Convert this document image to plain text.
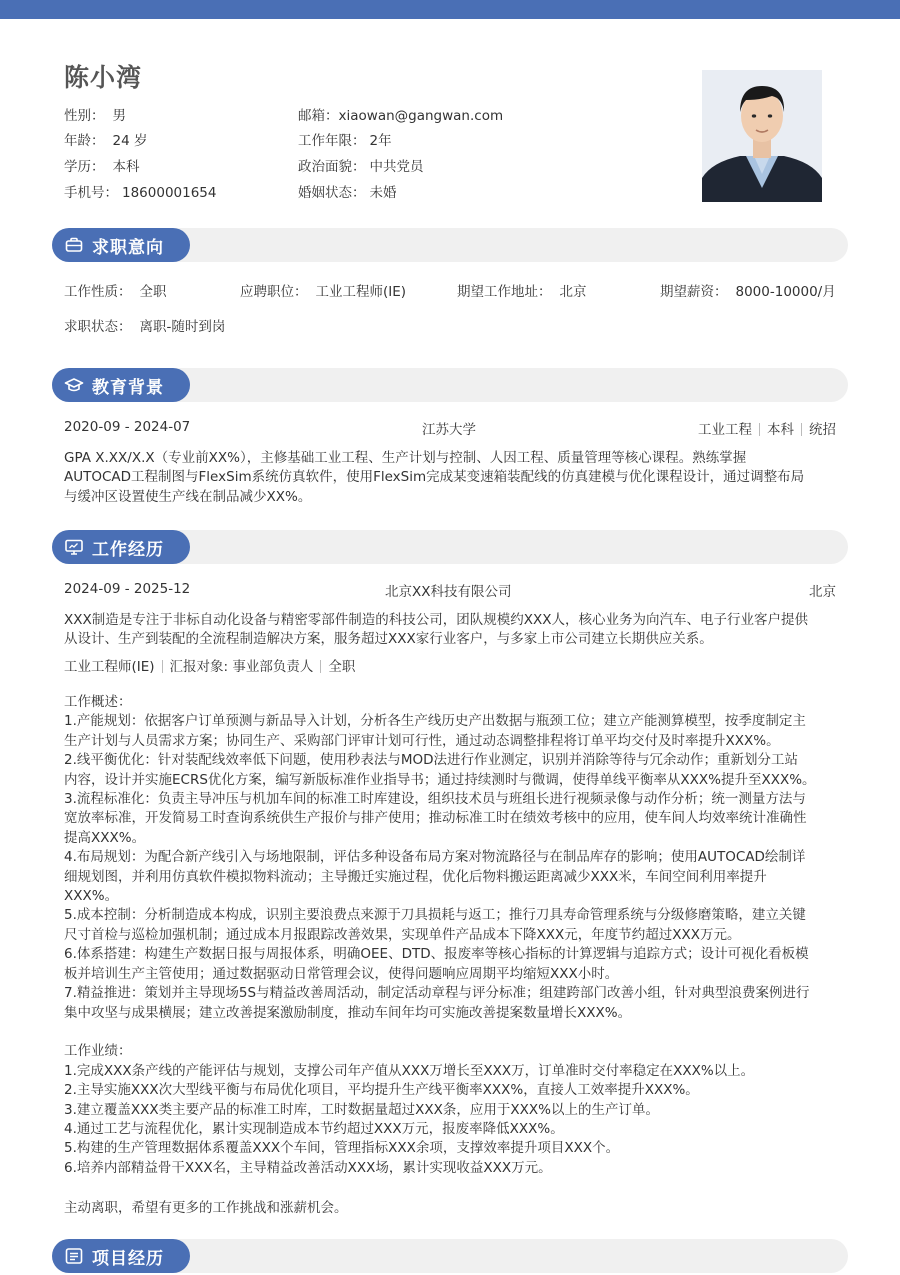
陈小湾
性别： 男
年龄： 24 岁
学历： 本科
手机号： 18600001654
邮箱：xiaowan@gangwan.com
工作年限： 2年
政治面貌： 中共党员
婚姻状态： 未婚
求职意向
工作性质： 全职	应聘职位： 工业工程师(IE)	期望工作地址： 北京	期望薪资： 8000-10000/月
求职状态： 离职-随时到岗
教育背景
2020-09 - 2024-07	江苏大学	工业工程 本科 统招
GPA X.XX/X.X（专业前XX%），主修基础工业工程、生产计划与控制、人因工程、质量管理等核心课程。熟练掌握
AUTOCAD工程制图与FlexSim系统仿真软件，使用FlexSim完成某变速箱装配线的仿真建模与优化课程设计，通过调整布局
与缓冲区设置使生产线在制品减少XX%。
工作经历
2024-09 - 2025-12	北京XX科技有限公司	北京
XXX制造是专注于非标自动化设备与精密零部件制造的科技公司，团队规模约XXX人，核心业务为向汽车、电子行业客户提供
从设计、生产到装配的全流程制造解决方案，服务超过XXX家行业客户，与多家上市公司建立长期供应关系。
工业工程师(IE) 汇报对象: 事业部负责人 全职
工作概述：
1.产能规划：依据客户订单预测与新品导入计划，分析各生产线历史产出数据与瓶颈工位；建立产能测算模型，按季度制定主
生产计划与人员需求方案；协同生产、采购部门评审计划可行性，通过动态调整排程将订单平均交付及时率提升XXX%。
2.线平衡优化：针对装配线效率低下问题，使用秒表法与MOD法进行作业测定，识别并消除等待与冗余动作；重新划分工站
内容，设计并实施ECRS优化方案，编写新版标准作业指导书；通过持续测时与微调，使得单线平衡率从XXX%提升至XXX%。
3.流程标准化：负责主导冲压与机加车间的标准工时库建设，组织技术员与班组长进行视频录像与动作分析；统一测量方法与
宽放率标准，开发简易工时查询系统供生产报价与排产使用；推动标准工时在绩效考核中的应用，使车间人均效率统计准确性
提高XXX%。
4.布局规划：为配合新产线引入与场地限制，评估多种设备布局方案对物流路径与在制品库存的影响；使用AUTOCAD绘制详
细规划图，并利用仿真软件模拟物料流动；主导搬迁实施过程，优化后物料搬运距离减少XXX米，车间空间利用率提升
XXX%。
5.成本控制：分析制造成本构成，识别主要浪费点来源于刀具损耗与返工；推行刀具寿命管理系统与分级修磨策略，建立关键
尺寸首检与巡检加强机制；通过成本月报跟踪改善效果，实现单件产品成本下降XXX元，年度节约超过XXX万元。
6.体系搭建：构建生产数据日报与周报体系，明确OEE、DTD、报废率等核心指标的计算逻辑与追踪方式；设计可视化看板模
板并培训生产主管使用；通过数据驱动日常管理会议，使得问题响应周期平均缩短XXX小时。
7.精益推进：策划并主导现场5S与精益改善周活动，制定活动章程与评分标准；组建跨部门改善小组，针对典型浪费案例进行
集中攻坚与成果横展；建立改善提案激励制度，推动车间年均可实施改善提案数量增长XXX%。
工作业绩：
1.完成XXX条产线的产能评估与规划，支撑公司年产值从XXX万增长至XXX万，订单准时交付率稳定在XXX%以上。
2.主导实施XXX次大型线平衡与布局优化项目，平均提升生产线平衡率XXX%，直接人工效率提升XXX%。
3.建立覆盖XXX类主要产品的标准工时库，工时数据量超过XXX条，应用于XXX%以上的生产订单。
4.通过工艺与流程优化，累计实现制造成本节约超过XXX万元，报废率降低XXX%。
5.构建的生产管理数据体系覆盖XXX个车间，管理指标XXX余项，支撑效率提升项目XXX个。
6.培养内部精益骨干XXX名，主导精益改善活动XXX场，累计实现收益XXX万元。
主动离职，希望有更多的工作挑战和涨薪机会。
项目经历
